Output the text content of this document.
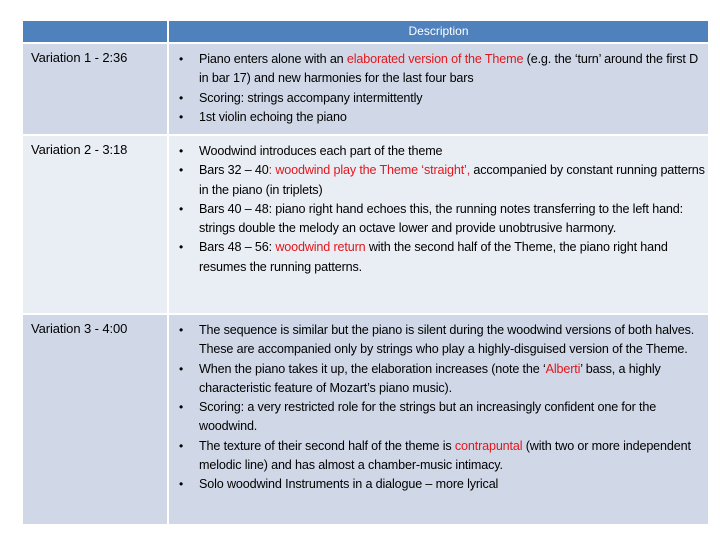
Description
Variation 1 - 2:36	• Piano enters alone with an elaborated version of the Theme (e.g. the ‘turn’ around the first D in bar 17) and new harmonies for the last four bars
• Scoring: strings accompany intermittently
• 1st violin echoing the piano
Variation 2 - 3:18	• Woodwind introduces each part of the theme
• Bars 32 – 40: woodwind play the Theme ‘straight’, accompanied by constant running patterns in the piano (in triplets)
• Bars 40 – 48: piano right hand echoes this, the running notes transferring to the left hand: strings double the melody an octave lower and provide unobtrusive harmony.
• Bars 48 – 56: woodwind return with the second half of the Theme, the piano right hand resumes the running patterns.
Variation 3 - 4:00	• The sequence is similar but the piano is silent during the woodwind versions of both halves. These are accompanied only by strings who play a highly-disguised version of the Theme.
• When the piano takes it up, the elaboration increases (note the ‘Alberti’ bass, a highly characteristic feature of Mozart’s piano music).
• Scoring: a very restricted role for the strings but an increasingly confident one for the woodwind.
• The texture of their second half of the theme is contrapuntal (with two or more independent melodic line) and has almost a chamber-music intimacy.
• Solo woodwind Instruments in a dialogue – more lyrical
